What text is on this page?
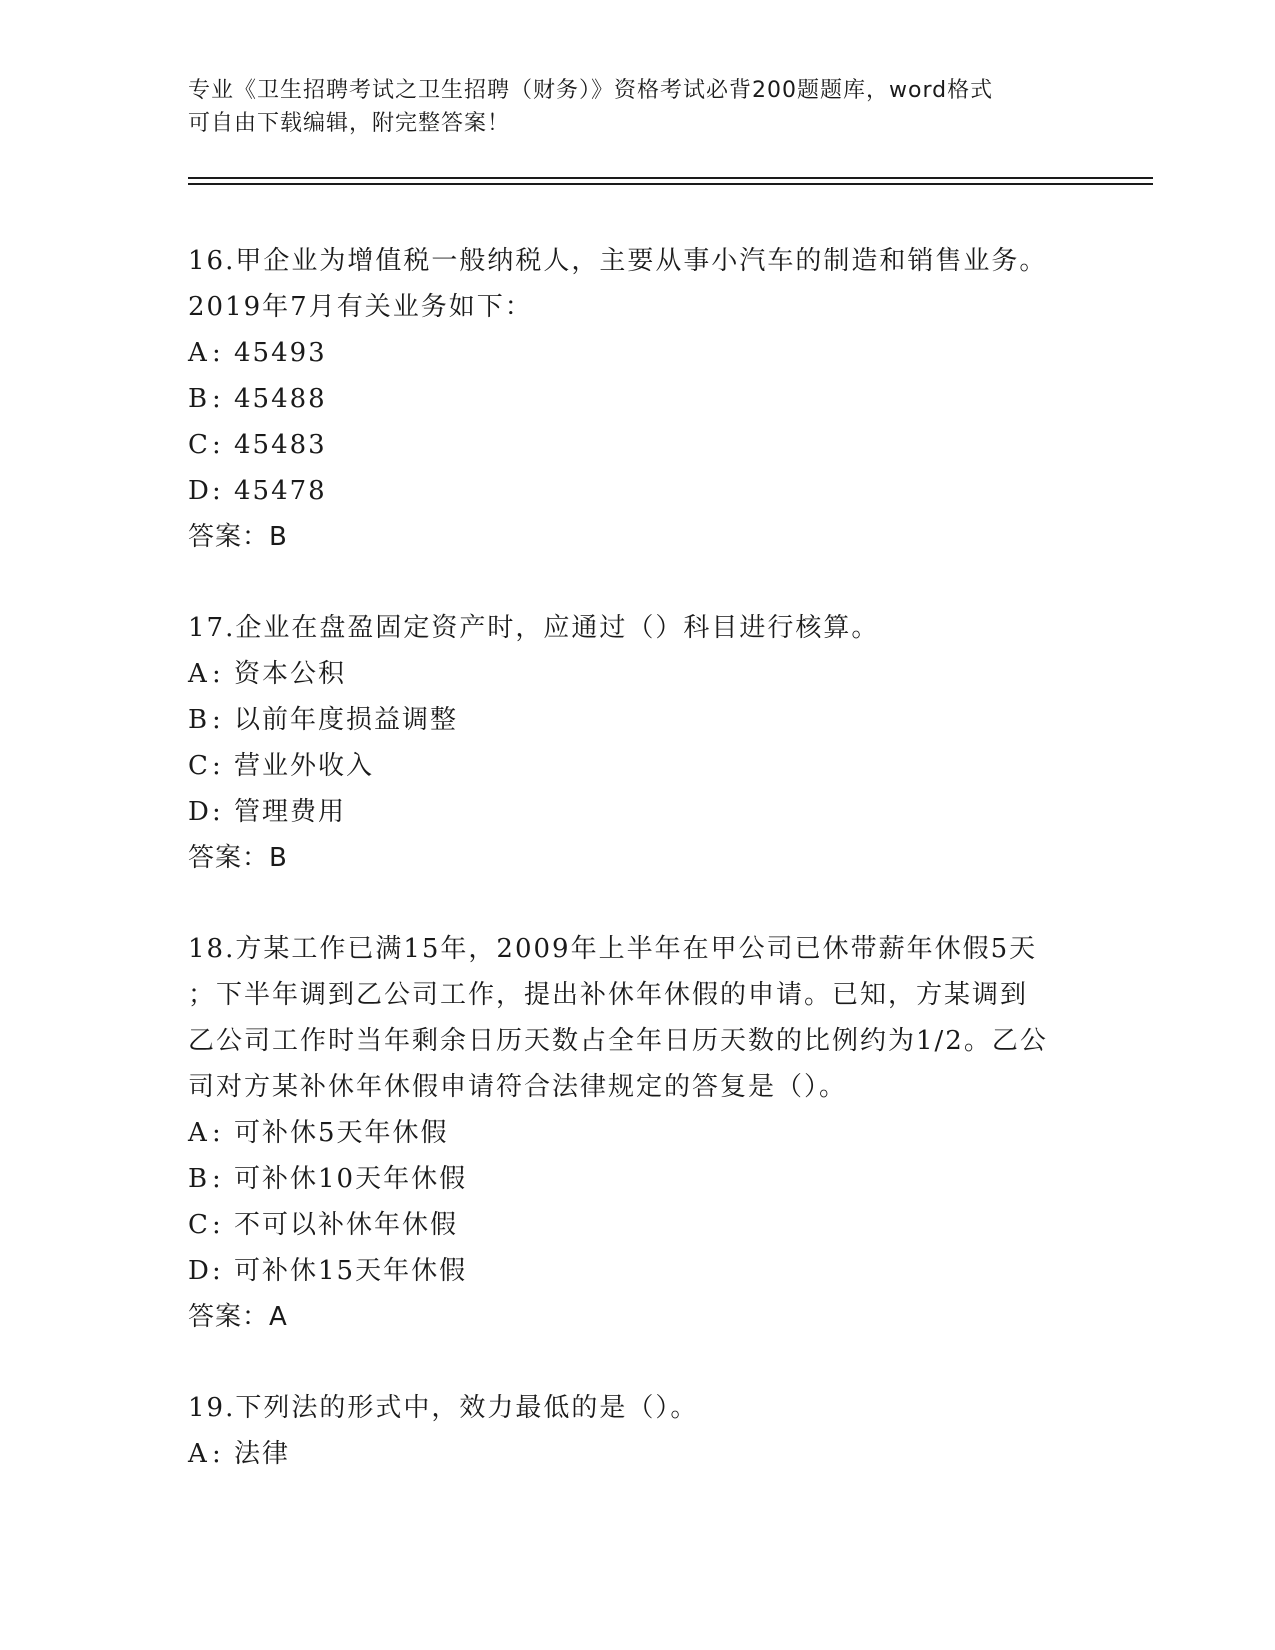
专业《卫生招聘考试之卫生招聘（财务）》资格考试必背200题题库，word格式
可自由下载编辑，附完整答案！
16.甲企业为增值税一般纳税人，主要从事小汽车的制造和销售业务。
2019年7月有关业务如下：
A : 45493
B : 45488
C: 45483
D: 45478
答案：B
17.企业在盘盈固定资产时，应通过（）科目进行核算。
A : 资本公积
B : 以前年度损益调整
C: 营业外收入
D: 管理费用
答案：B
18.方某工作已满15年，2009年上半年在甲公司已休带薪年休假5天
；下半年调到乙公司工作，提出补休年休假的申请。已知，方某调到
乙公司工作时当年剩余日历天数占全年日历天数的比例约为1/2。乙公
司对方某补休年休假申请符合法律规定的答复是（）。
A : 可补休5天年休假
B : 可补休10天年休假
C: 不可以补休年休假
D: 可补休15天年休假
答案：A
19.下列法的形式中，效力最低的是（）。
A : 法律
